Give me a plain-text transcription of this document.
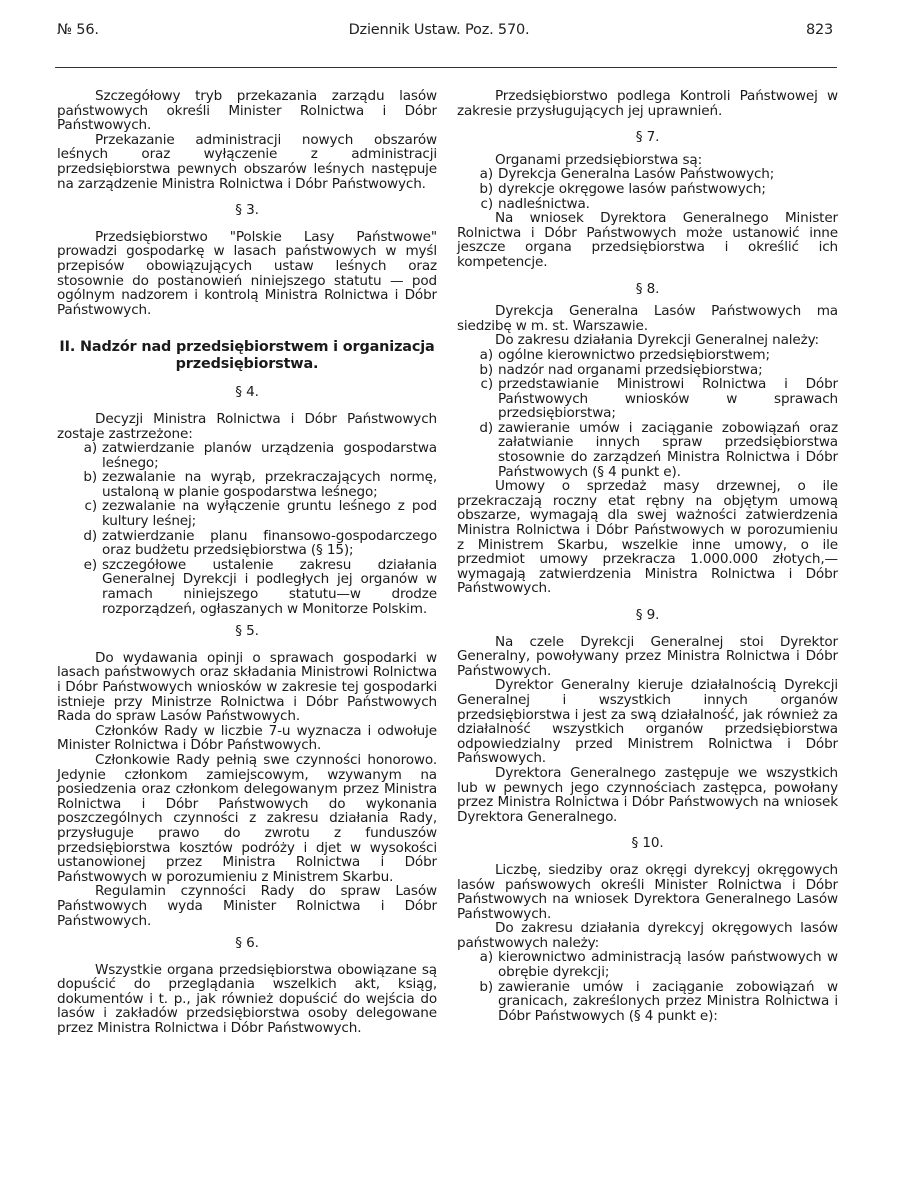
№ 56.	Dziennik Ustaw. Poz. 570.	823

Szczegółowy tryb przekazania zarządu lasów państwowych określi Minister Rolnictwa i Dóbr Państwowych.

Przekazanie administracji nowych obszarów leśnych oraz wyłączenie z administracji przedsiębiorstwa pewnych obszarów leśnych następuje na zarządzenie Ministra Rolnictwa i Dóbr Państwowych.

§ 3.

Przedsiębiorstwo "Polskie Lasy Państwowe" prowadzi gospodarkę w lasach państwowych w myśl przepisów obowiązujących ustaw leśnych oraz stosownie do postanowień niniejszego statutu — pod ogólnym nadzorem i kontrolą Ministra Rolnictwa i Dóbr Państwowych.

II. Nadzór nad przedsiębiorstwem i organizacja
przedsiębiorstwa.

§ 4.

Decyzji Ministra Rolnictwa i Dóbr Państwowych zostaje zastrzeżone:

a) zatwierdzanie planów urządzenia gospodarstwa leśnego;
b) zezwalanie na wyrąb, przekraczających normę, ustaloną w planie gospodarstwa leśnego;
c) zezwalanie na wyłączenie gruntu leśnego z pod kultury leśnej;
d) zatwierdzanie planu finansowo-gospodarczego oraz budżetu przedsiębiorstwa (§ 15);
e) szczegółowe ustalenie zakresu działania Generalnej Dyrekcji i podległych jej organów w ramach niniejszego statutu—w drodze rozporządzeń, ogłaszanych w Monitorze Polskim.

§ 5.

Do wydawania opinji o sprawach gospodarki w lasach państwowych oraz składania Ministrowi Rolnictwa i Dóbr Państwowych wniosków w zakresie tej gospodarki istnieje przy Ministrze Rolnictwa i Dóbr Państwowych Rada do spraw Lasów Państwowych.

Członków Rady w liczbie 7-u wyznacza i odwołuje Minister Rolnictwa i Dóbr Państwowych.

Członkowie Rady pełnią swe czynności honorowo. Jedynie członkom zamiejscowym, wzywanym na posiedzenia oraz członkom delegowanym przez Ministra Rolnictwa i Dóbr Państwowych do wykonania poszczególnych czynności z zakresu działania Rady, przysługuje prawo do zwrotu z funduszów przedsiębiorstwa kosztów podróży i djet w wysokości ustanowionej przez Ministra Rolnictwa i Dóbr Państwowych w porozumieniu z Ministrem Skarbu.

Regulamin czynności Rady do spraw Lasów Państwowych wyda Minister Rolnictwa i Dóbr Państwowych.

§ 6.

Wszystkie organa przedsiębiorstwa obowiązane są dopuścić do przeglądania wszelkich akt, ksiąg, dokumentów i t. p., jak również dopuścić do wejścia do lasów i zakładów przedsiębiorstwa osoby delegowane przez Ministra Rolnictwa i Dóbr Państwowych.

Przedsiębiorstwo podlega Kontroli Państwowej w zakresie przysługujących jej uprawnień.

§ 7.

Organami przedsiębiorstwa są:

a) Dyrekcja Generalna Lasów Państwowych;
b) dyrekcje okręgowe lasów państwowych;
c) nadleśnictwa.

Na wniosek Dyrektora Generalnego Minister Rolnictwa i Dóbr Państwowych może ustanowić inne jeszcze organa przedsiębiorstwa i określić ich kompetencje.

§ 8.

Dyrekcja Generalna Lasów Państwowych ma siedzibę w m. st. Warszawie.

Do zakresu działania Dyrekcji Generalnej należy:

a) ogólne kierownictwo przedsiębiorstwem;
b) nadzór nad organami przedsiębiorstwa;
c) przedstawianie Ministrowi Rolnictwa i Dóbr Państwowych wniosków w sprawach przedsiębiorstwa;
d) zawieranie umów i zaciąganie zobowiązań oraz załatwianie innych spraw przedsiębiorstwa stosownie do zarządzeń Ministra Rolnictwa i Dóbr Państwowych (§ 4 punkt e).

Umowy o sprzedaż masy drzewnej, o ile przekraczają roczny etat rębny na objętym umową obszarze, wymagają dla swej ważności zatwierdzenia Ministra Rolnictwa i Dóbr Państwowych w porozumieniu z Ministrem Skarbu, wszelkie inne umowy, o ile przedmiot umowy przekracza 1.000.000 złotych,— wymagają zatwierdzenia Ministra Rolnictwa i Dóbr Państwowych.

§ 9.

Na czele Dyrekcji Generalnej stoi Dyrektor Generalny, powoływany przez Ministra Rolnictwa i Dóbr Państwowych.

Dyrektor Generalny kieruje działalnością Dyrekcji Generalnej i wszystkich innych organów przedsiębiorstwa i jest za swą działalność, jak również za działalność wszystkich organów przedsiębiorstwa odpowiedzialny przed Ministrem Rolnictwa i Dóbr Pańswowych.

Dyrektora Generalnego zastępuje we wszystkich lub w pewnych jego czynnościach zastępca, powołany przez Ministra Rolnictwa i Dóbr Państwowych na wniosek Dyrektora Generalnego.

§ 10.

Liczbę, siedziby oraz okręgi dyrekcyj okręgowych lasów pańswowych określi Minister Rolnictwa i Dóbr Państwowych na wniosek Dyrektora Generalnego Lasów Państwowych.

Do zakresu działania dyrekcyj okręgowych lasów państwowych należy:

a) kierownictwo administracją lasów państwowych w obrębie dyrekcji;
b) zawieranie umów i zaciąganie zobowiązań w granicach, zakreślonych przez Ministra Rolnictwa i Dóbr Państwowych (§ 4 punkt e):
